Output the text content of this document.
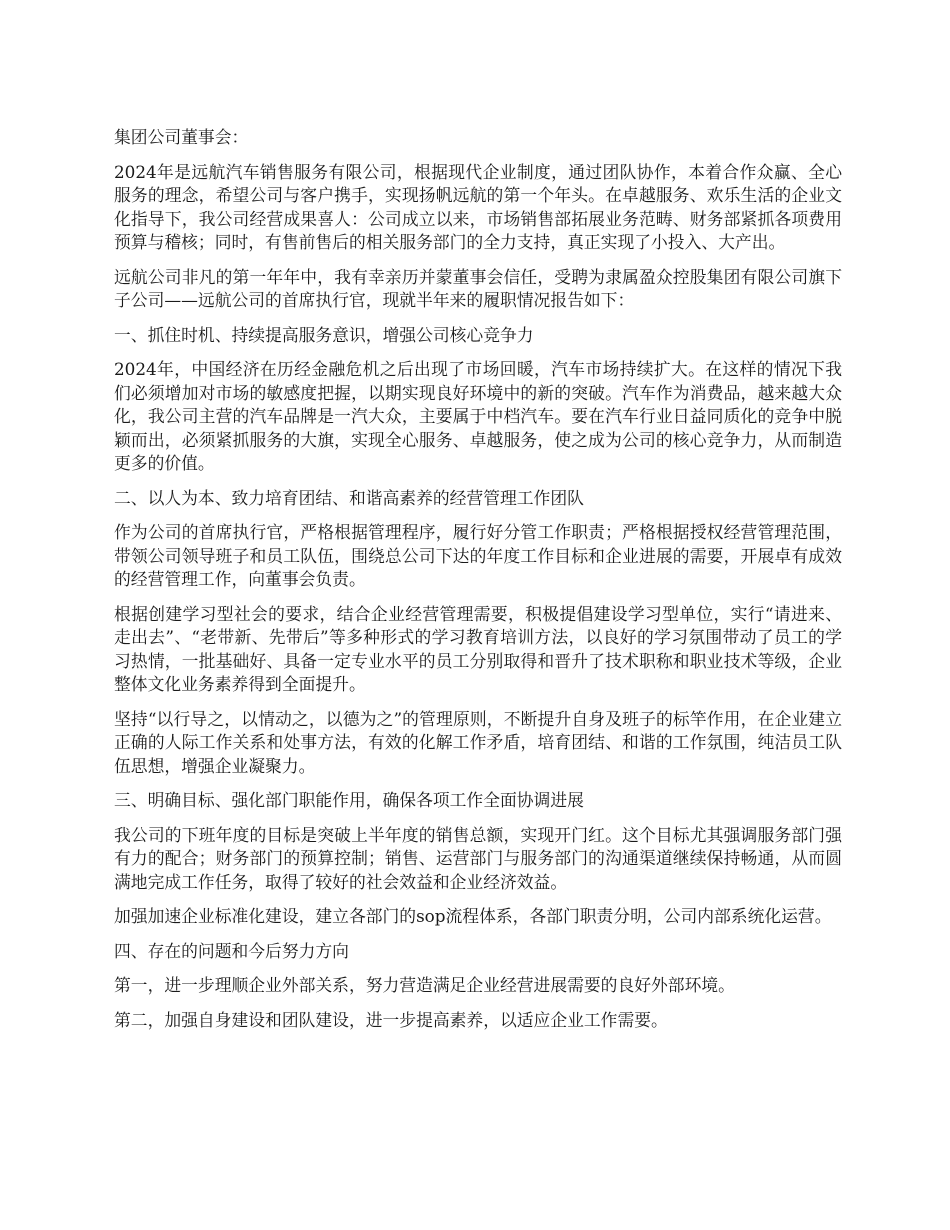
集团公司董事会：

2024年是远航汽车销售服务有限公司，根据现代企业制度，通过团队协作，本着合作众赢、全心服务的理念，希望公司与客户携手，实现扬帆远航的第一个年头。在卓越服务、欢乐生活的企业文化指导下，我公司经营成果喜人：公司成立以来，市场销售部拓展业务范畴、财务部紧抓各项费用预算与稽核；同时，有售前售后的相关服务部门的全力支持，真正实现了小投入、大产出。

远航公司非凡的第一年年中，我有幸亲历并蒙董事会信任，受聘为隶属盈众控股集团有限公司旗下子公司——远航公司的首席执行官，现就半年来的履职情况报告如下：

一、抓住时机、持续提高服务意识，增强公司核心竞争力

2024年，中国经济在历经金融危机之后出现了市场回暖，汽车市场持续扩大。在这样的情况下我们必须增加对市场的敏感度把握，以期实现良好环境中的新的突破。汽车作为消费品，越来越大众化，我公司主营的汽车品牌是一汽大众，主要属于中档汽车。要在汽车行业日益同质化的竞争中脱颖而出，必须紧抓服务的大旗，实现全心服务、卓越服务，使之成为公司的核心竞争力，从而制造更多的价值。

二、以人为本、致力培育团结、和谐高素养的经营管理工作团队

作为公司的首席执行官，严格根据管理程序，履行好分管工作职责；严格根据授权经营管理范围，带领公司领导班子和员工队伍，围绕总公司下达的年度工作目标和企业进展的需要，开展卓有成效的经营管理工作，向董事会负责。

根据创建学习型社会的要求，结合企业经营管理需要，积极提倡建设学习型单位，实行“请进来、走出去”、“老带新、先带后”等多种形式的学习教育培训方法，以良好的学习氛围带动了员工的学习热情，一批基础好、具备一定专业水平的员工分别取得和晋升了技术职称和职业技术等级，企业整体文化业务素养得到全面提升。

坚持“以行导之，以情动之，以德为之”的管理原则，不断提升自身及班子的标竿作用，在企业建立正确的人际工作关系和处事方法，有效的化解工作矛盾，培育团结、和谐的工作氛围，纯洁员工队伍思想，增强企业凝聚力。

三、明确目标、强化部门职能作用，确保各项工作全面协调进展

我公司的下班年度的目标是突破上半年度的销售总额，实现开门红。这个目标尤其强调服务部门强有力的配合；财务部门的预算控制；销售、运营部门与服务部门的沟通渠道继续保持畅通，从而圆满地完成工作任务，取得了较好的社会效益和企业经济效益。

加强加速企业标准化建设，建立各部门的sop流程体系，各部门职责分明，公司内部系统化运营。

四、存在的问题和今后努力方向

第一，进一步理顺企业外部关系，努力营造满足企业经营进展需要的良好外部环境。

第二，加强自身建设和团队建设，进一步提高素养，以适应企业工作需要。
